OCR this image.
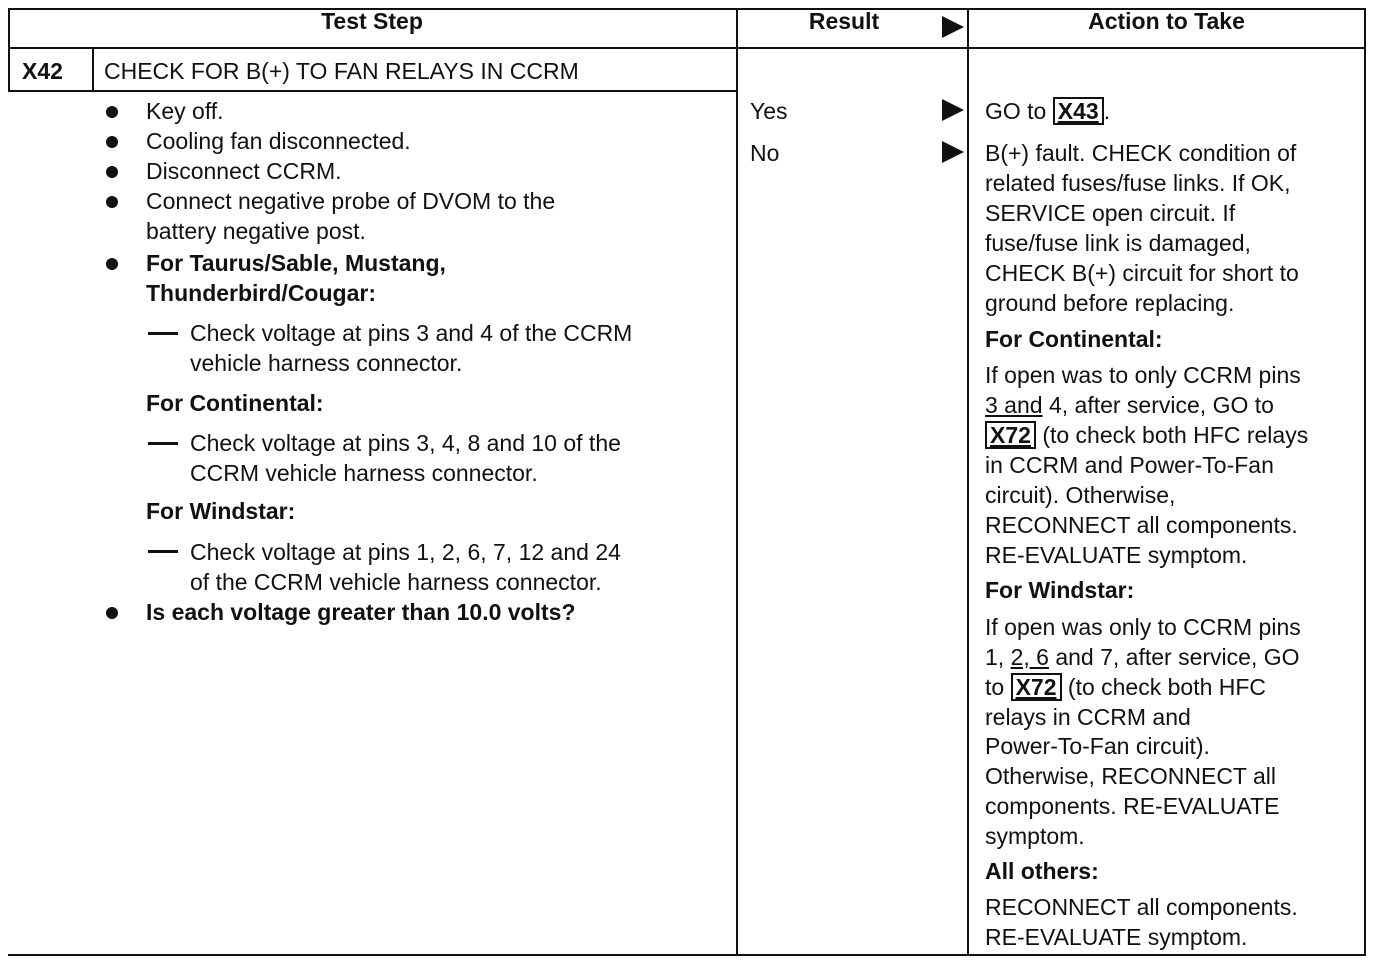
Test Step	Result	Action to Take
X42 CHECK FOR B(+) TO FAN RELAYS IN CCRM
Key off.
Cooling fan disconnected.
Disconnect CCRM.
Connect negative probe of DVOM to the
battery negative post.
For Taurus/Sable, Mustang,
Thunderbird/Cougar:
Check voltage at pins 3 and 4 of the CCRM
vehicle harness connector.
For Continental:
Check voltage at pins 3, 4, 8 and 10 of the
CCRM vehicle harness connector.
For Windstar:
Check voltage at pins 1, 2, 6, 7, 12 and 24
of the CCRM vehicle harness connector.
Is each voltage greater than 10.0 volts?
Yes
No
GO to X43 .
B(+) fault. CHECK condition of
related fuses/fuse links. If OK,
SERVICE open circuit. If
fuse/fuse link is damaged,
CHECK B(+) circuit for short to
ground before replacing.
For Continental:
If open was to only CCRM pins
3 and 4, after service, GO to
X72 (to check both HFC relays
in CCRM and Power-To-Fan
circuit). Otherwise,
RECONNECT all components.
RE-EVALUATE symptom.
For Windstar:
If open was only to CCRM pins
1, 2, 6 and 7, after service, GO
to X72 (to check both HFC
relays in CCRM and
Power-To-Fan circuit).
Otherwise, RECONNECT all
components. RE-EVALUATE
symptom.
All others:
RECONNECT all components.
RE-EVALUATE symptom.
